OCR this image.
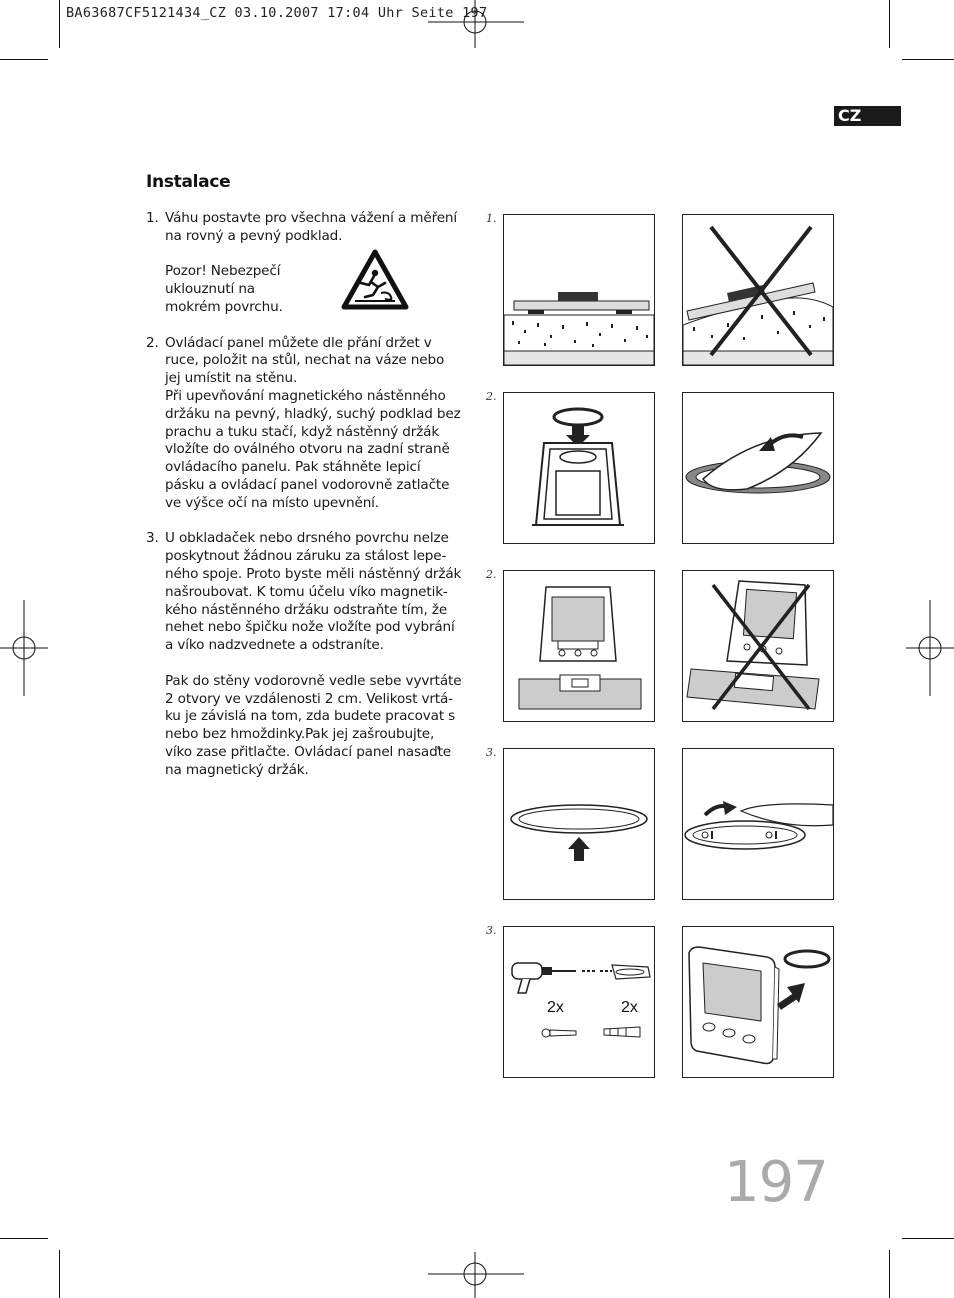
BA63687CF5121434_CZ 03.10.2007 17:04 Uhr Seite 197
CZ
Instalace
1. Váhu postavte pro všechna vážení a měření
na rovný a pevný podklad.

Pozor! Nebezpečí
uklouznutí na
mokrém povrchu.

2. Ovládací panel můžete dle přání držet v
ruce, položit na stůl, nechat na váze nebo
jej umístit na stěnu.
Při upevňování magnetického nástěnného
držáku na pevný, hladký, suchý podklad bez
prachu a tuku stačí, když nástěnný držák
vložíte do oválného otvoru na zadní straně
ovládacího panelu. Pak stáhněte lepicí
pásku a ovládací panel vodorovně zatlačte
ve výšce očí na místo upevnění.

3. U obkladaček nebo drsného povrchu nelze
poskytnout žádnou záruku za stálost lepe-
ného spoje. Proto byste měli nástěnný držák
našroubovat. K tomu účelu víko magnetik-
kého nástěnného držáku odstraňte tím, že
nehet nebo špičku nože vložíte pod vybrání
a víko nadzvednete a odstraníte.

Pak do stěny vodorovně vedle sebe vyvrtáte
2 otvory ve vzdálenosti 2 cm. Velikost vrtá-
ku je závislá na tom, zda budete pracovat s
nebo bez hmoždinky.Pak jej zašroubujte,
víko zase přitlačte. Ovládací panel nasaďte
na magnetický držák.

1.
2.
2.
3.
3.
2x	2x
197
